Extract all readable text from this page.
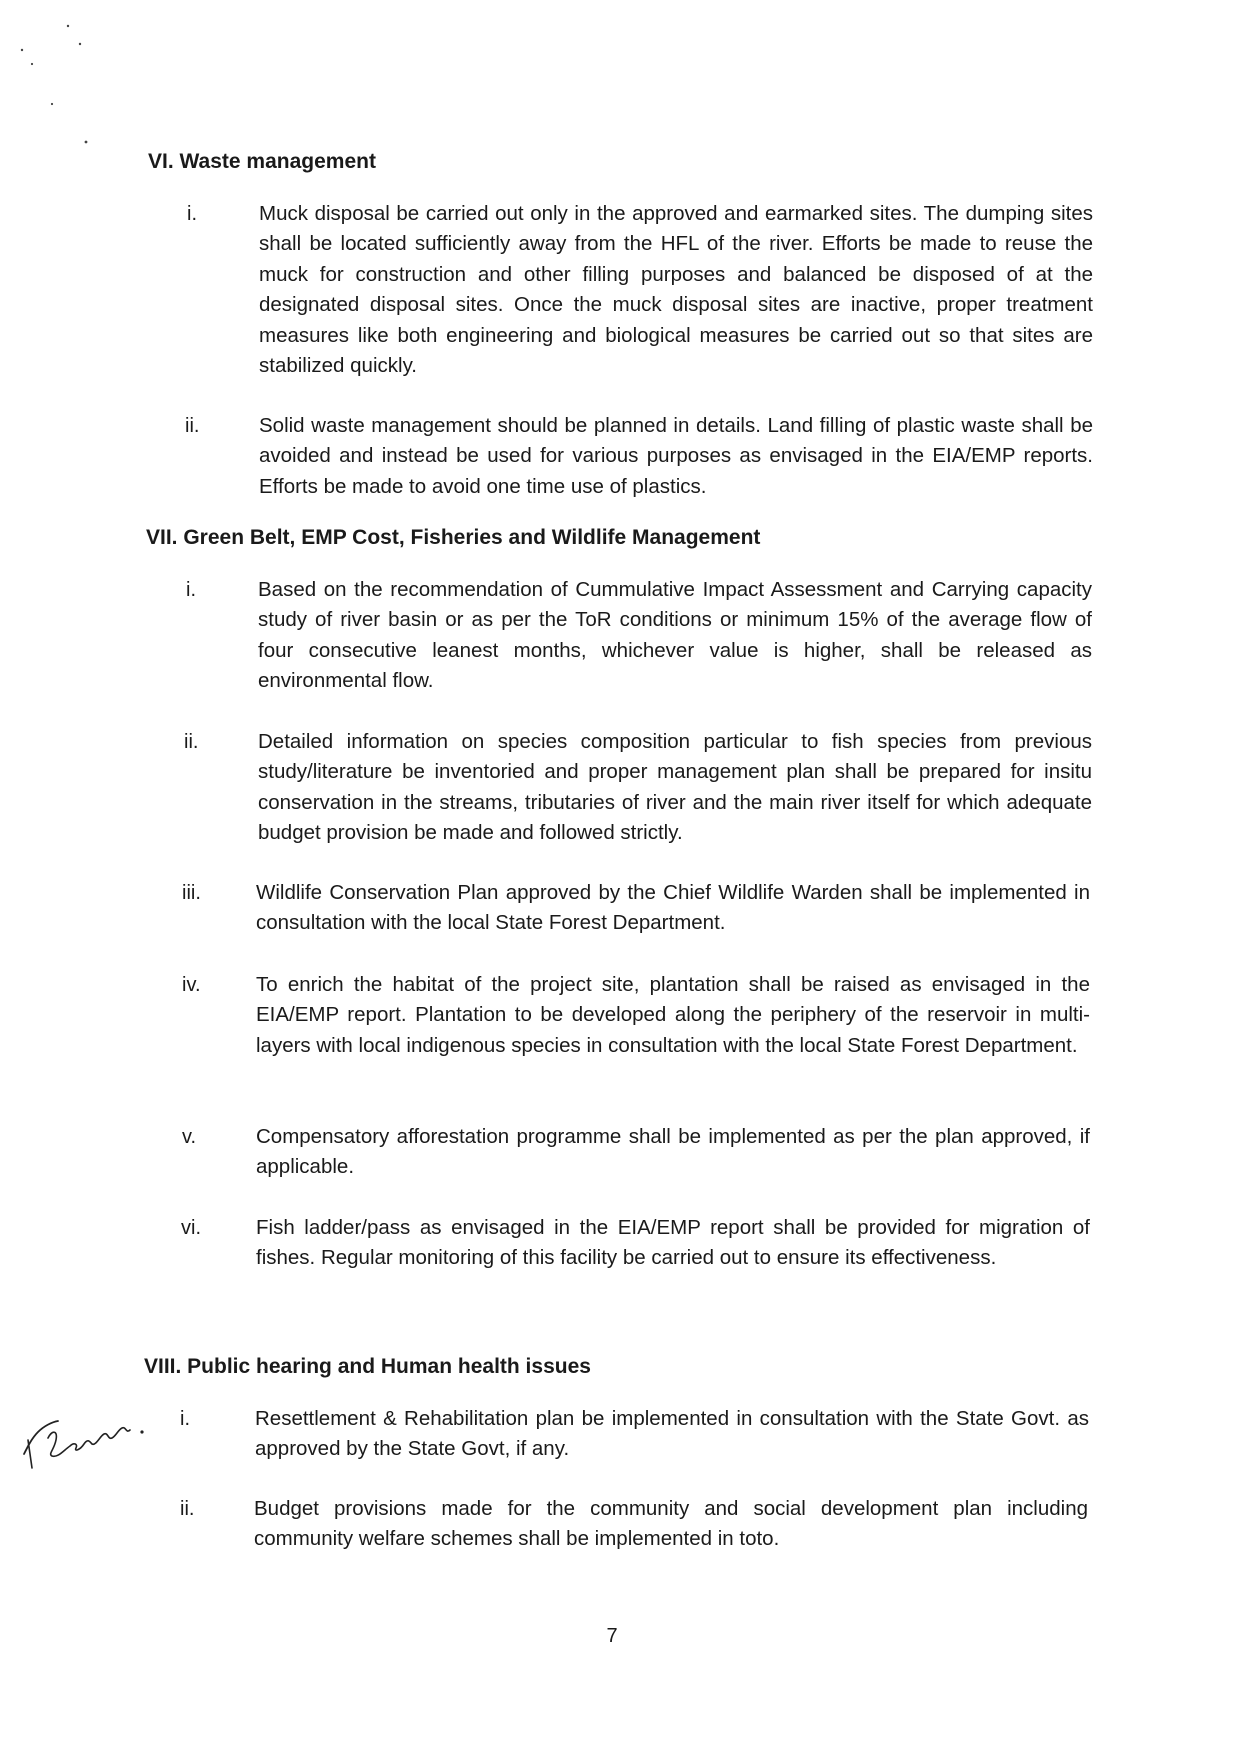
VI. Waste management
i.	Muck disposal be carried out only in the approved and earmarked sites. The dumping sites shall be located sufficiently away from the HFL of the river. Efforts be made to reuse the muck for construction and other filling purposes and balanced be disposed of at the designated disposal sites. Once the muck disposal sites are inactive, proper treatment measures like both engineering and biological measures be carried out so that sites are stabilized quickly.
ii.	Solid waste management should be planned in details. Land filling of plastic waste shall be avoided and instead be used for various purposes as envisaged in the EIA/EMP reports. Efforts be made to avoid one time use of plastics.
VII. Green Belt, EMP Cost, Fisheries and Wildlife Management
i.	Based on the recommendation of Cummulative Impact Assessment and Carrying capacity study of river basin or as per the ToR conditions or minimum 15% of the average flow of four consecutive leanest months, whichever value is higher, shall be released as environmental flow.
ii.	Detailed information on species composition particular to fish species from previous study/literature be inventoried and proper management plan shall be prepared for insitu conservation in the streams, tributaries of river and the main river itself for which adequate budget provision be made and followed strictly.
iii.	Wildlife Conservation Plan approved by the Chief Wildlife Warden shall be implemented in consultation with the local State Forest Department.
iv.	To enrich the habitat of the project site, plantation shall be raised as envisaged in the EIA/EMP report. Plantation to be developed along the periphery of the reservoir in multi-layers with local indigenous species in consultation with the local State Forest Department.
v.	Compensatory afforestation programme shall be implemented as per the plan approved, if applicable.
vi.	Fish ladder/pass as envisaged in the EIA/EMP report shall be provided for migration of fishes. Regular monitoring of this facility be carried out to ensure its effectiveness.
VIII. Public hearing and Human health issues
i.	Resettlement & Rehabilitation plan be implemented in consultation with the State Govt. as approved by the State Govt, if any.
ii.	Budget provisions made for the community and social development plan including community welfare schemes shall be implemented in toto.
7
